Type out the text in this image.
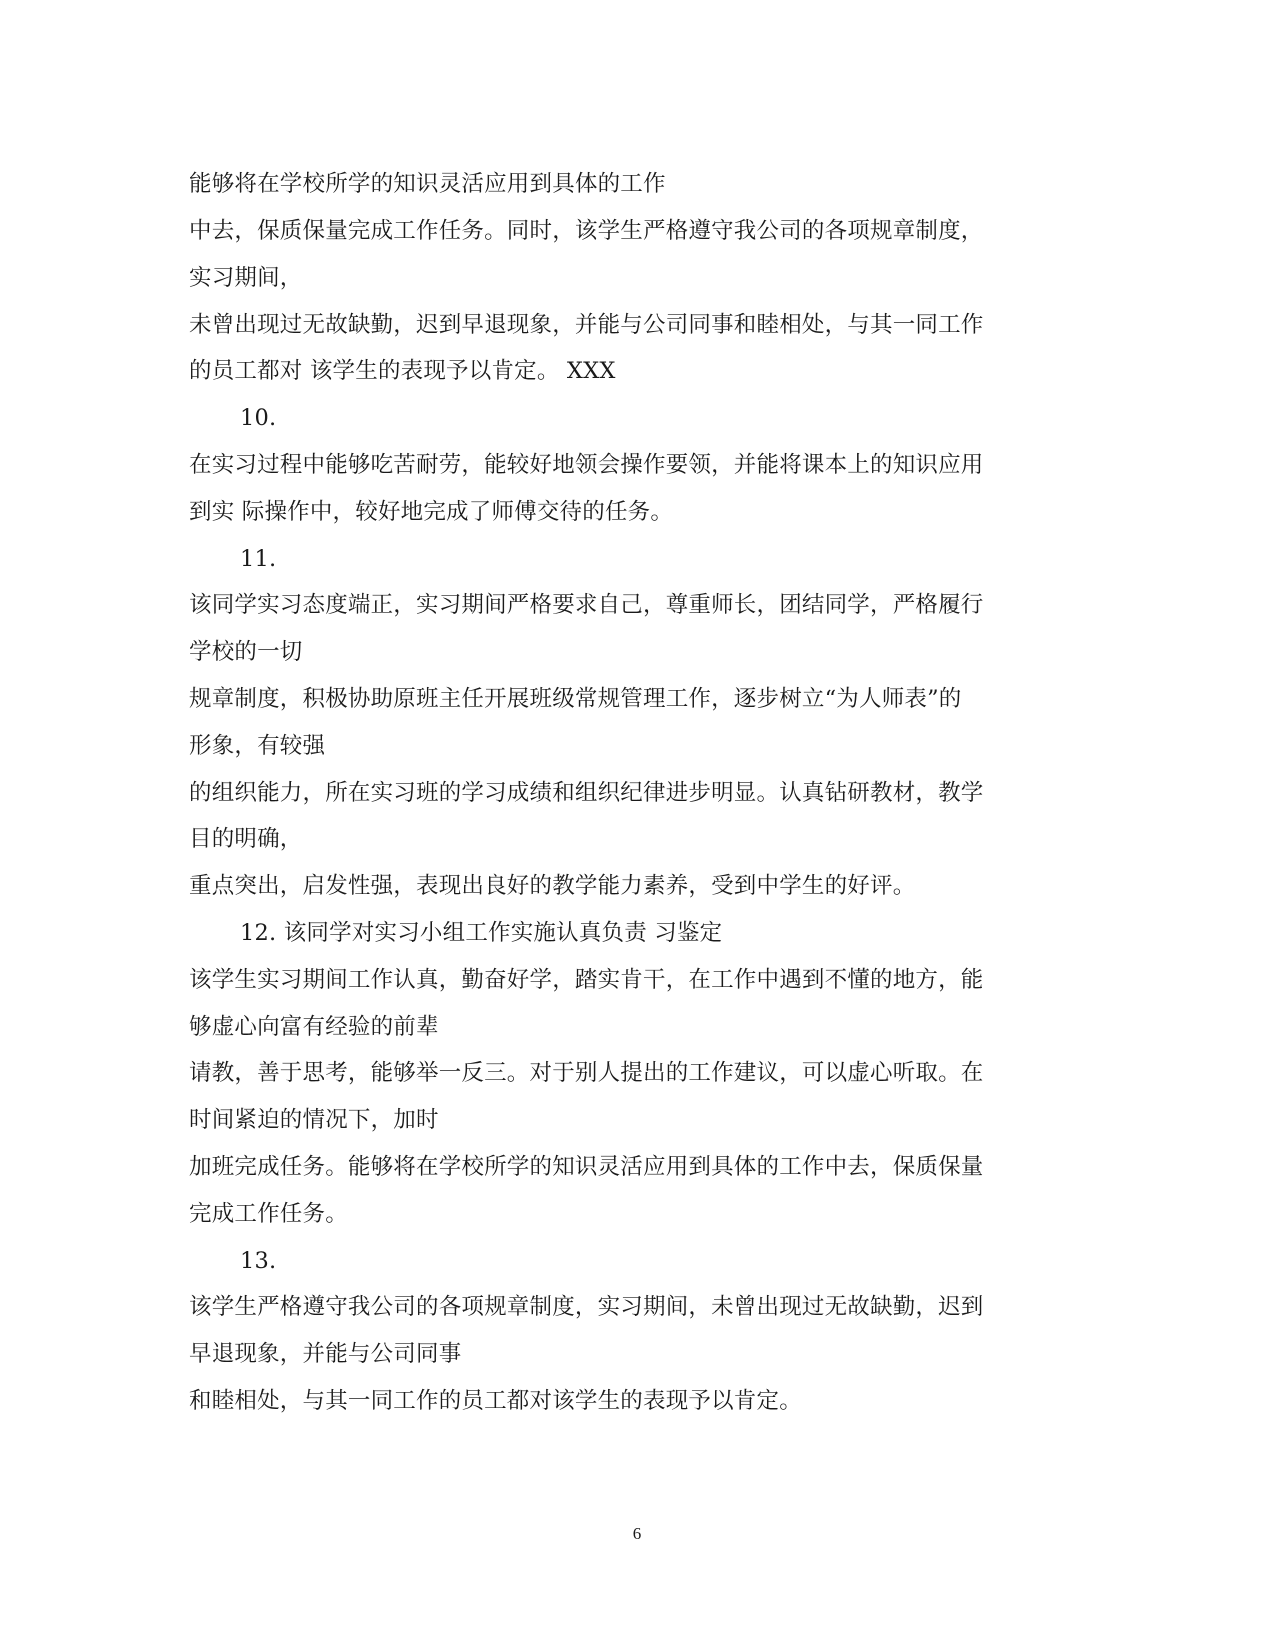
能够将在学校所学的知识灵活应用到具体的工作

中去，保质保量完成工作任务。同时，该学生严格遵守我公司的各项规章制度，

实习期间，

未曾出现过无故缺勤，迟到早退现象，并能与公司同事和睦相处，与其一同工作

的员工都对 该学生的表现予以肯定。 XXX

10.

在实习过程中能够吃苦耐劳，能较好地领会操作要领，并能将课本上的知识应用

到实 际操作中，较好地完成了师傅交待的任务。

11.

该同学实习态度端正，实习期间严格要求自己，尊重师长，团结同学，严格履行

学校的一切

规章制度，积极协助原班主任开展班级常规管理工作，逐步树立“为人师表”的

形象，有较强

的组织能力，所在实习班的学习成绩和组织纪律进步明显。认真钻研教材，教学

目的明确，

重点突出，启发性强，表现出良好的教学能力素养，受到中学生的好评。

12. 该同学对实习小组工作实施认真负责 习鉴定

该学生实习期间工作认真，勤奋好学，踏实肯干，在工作中遇到不懂的地方，能

够虚心向富有经验的前辈

请教，善于思考，能够举一反三。对于别人提出的工作建议，可以虚心听取。在

时间紧迫的情况下，加时

加班完成任务。能够将在学校所学的知识灵活应用到具体的工作中去，保质保量

完成工作任务。

13.

该学生严格遵守我公司的各项规章制度，实习期间，未曾出现过无故缺勤，迟到

早退现象，并能与公司同事

和睦相处，与其一同工作的员工都对该学生的表现予以肯定。

6
